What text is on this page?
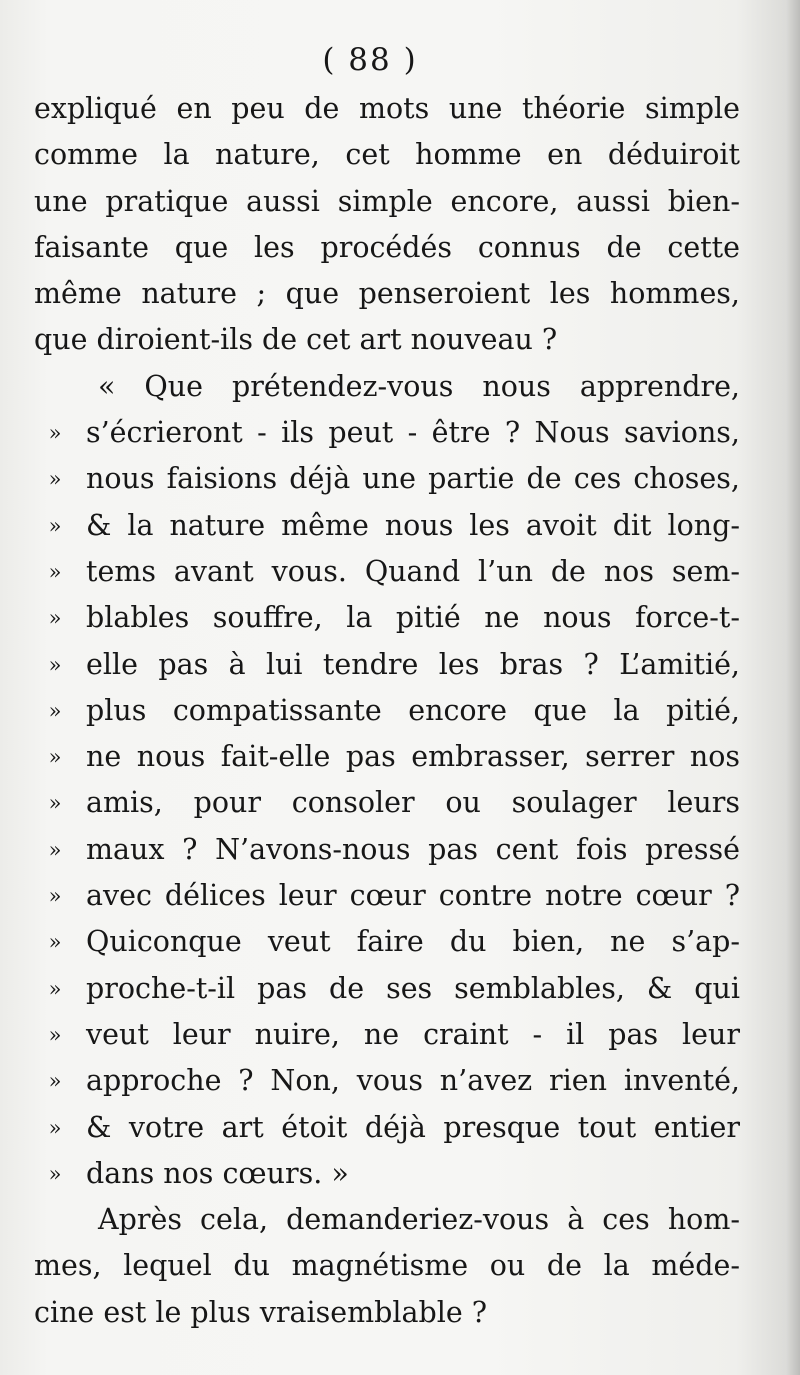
( 88 )
expliqué en peu de mots une théorie simple
comme la nature, cet homme en déduiroit
une pratique aussi simple encore, aussi bien-
faisante que les procédés connus de cette
même nature ; que penseroient les hommes,
que diroient-ils de cet art nouveau ?
« Que prétendez-vous nous apprendre,
» s’écrieront - ils peut - être ? Nous savions,
» nous faisions déjà une partie de ces choses,
» & la nature même nous les avoit dit long-
» tems avant vous. Quand l’un de nos sem-
» blables souffre, la pitié ne nous force-t-
» elle pas à lui tendre les bras ? L’amitié,
» plus compatissante encore que la pitié,
» ne nous fait-elle pas embrasser, serrer nos
» amis, pour consoler ou soulager leurs
» maux ? N’avons-nous pas cent fois pressé
» avec délices leur cœur contre notre cœur ?
» Quiconque veut faire du bien, ne s’ap-
» proche-t-il pas de ses semblables, & qui
» veut leur nuire, ne craint - il pas leur
» approche ? Non, vous n’avez rien inventé,
» & votre art étoit déjà presque tout entier
» dans nos cœurs. »
Après cela, demanderiez-vous à ces hom-
mes, lequel du magnétisme ou de la méde-
cine est le plus vraisemblable ?
